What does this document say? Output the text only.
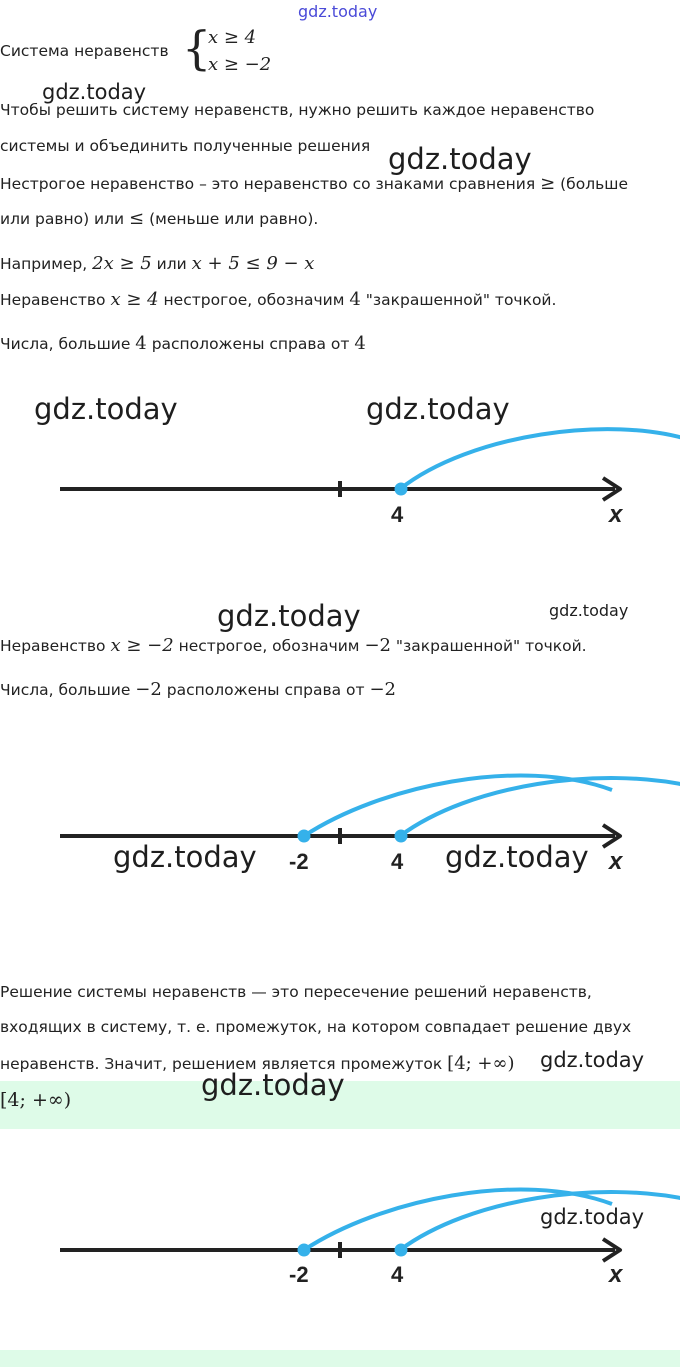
gdz.today
Система неравенств {
x ≥ 4
x ≥ −2
gdz.today
Чтобы решить систему неравенств, нужно решить каждое неравенство
системы и объединить полученные решения gdz.today
Нестрогое неравенство – это неравенство со знаками сравнения ≥ (больше
или равно) или ≤ (меньше или равно).
Например, 2x ≥ 5 или x + 5 ≤ 9 − x
Неравенство x ≥ 4 нестрогое, обозначим 4 "закрашенной" точкой.
Числа, большие 4 расположены справа от 4
gdz.today	gdz.today
4	x
gdz.today	gdz.today
Неравенство x ≥ −2 нестрогое, обозначим −2 "закрашенной" точкой.
Числа, большие −2 расположены справа от −2
-2	4	x
gdz.today	gdz.today
Решение системы неравенств — это пересечение решений неравенств,
входящих в систему, т. е. промежуток, на котором совпадает решение двух
неравенств. Значит, решением является промежуток [4; +∞) gdz.today
[4; +∞)	gdz.today
-2	4	x
gdz.today
